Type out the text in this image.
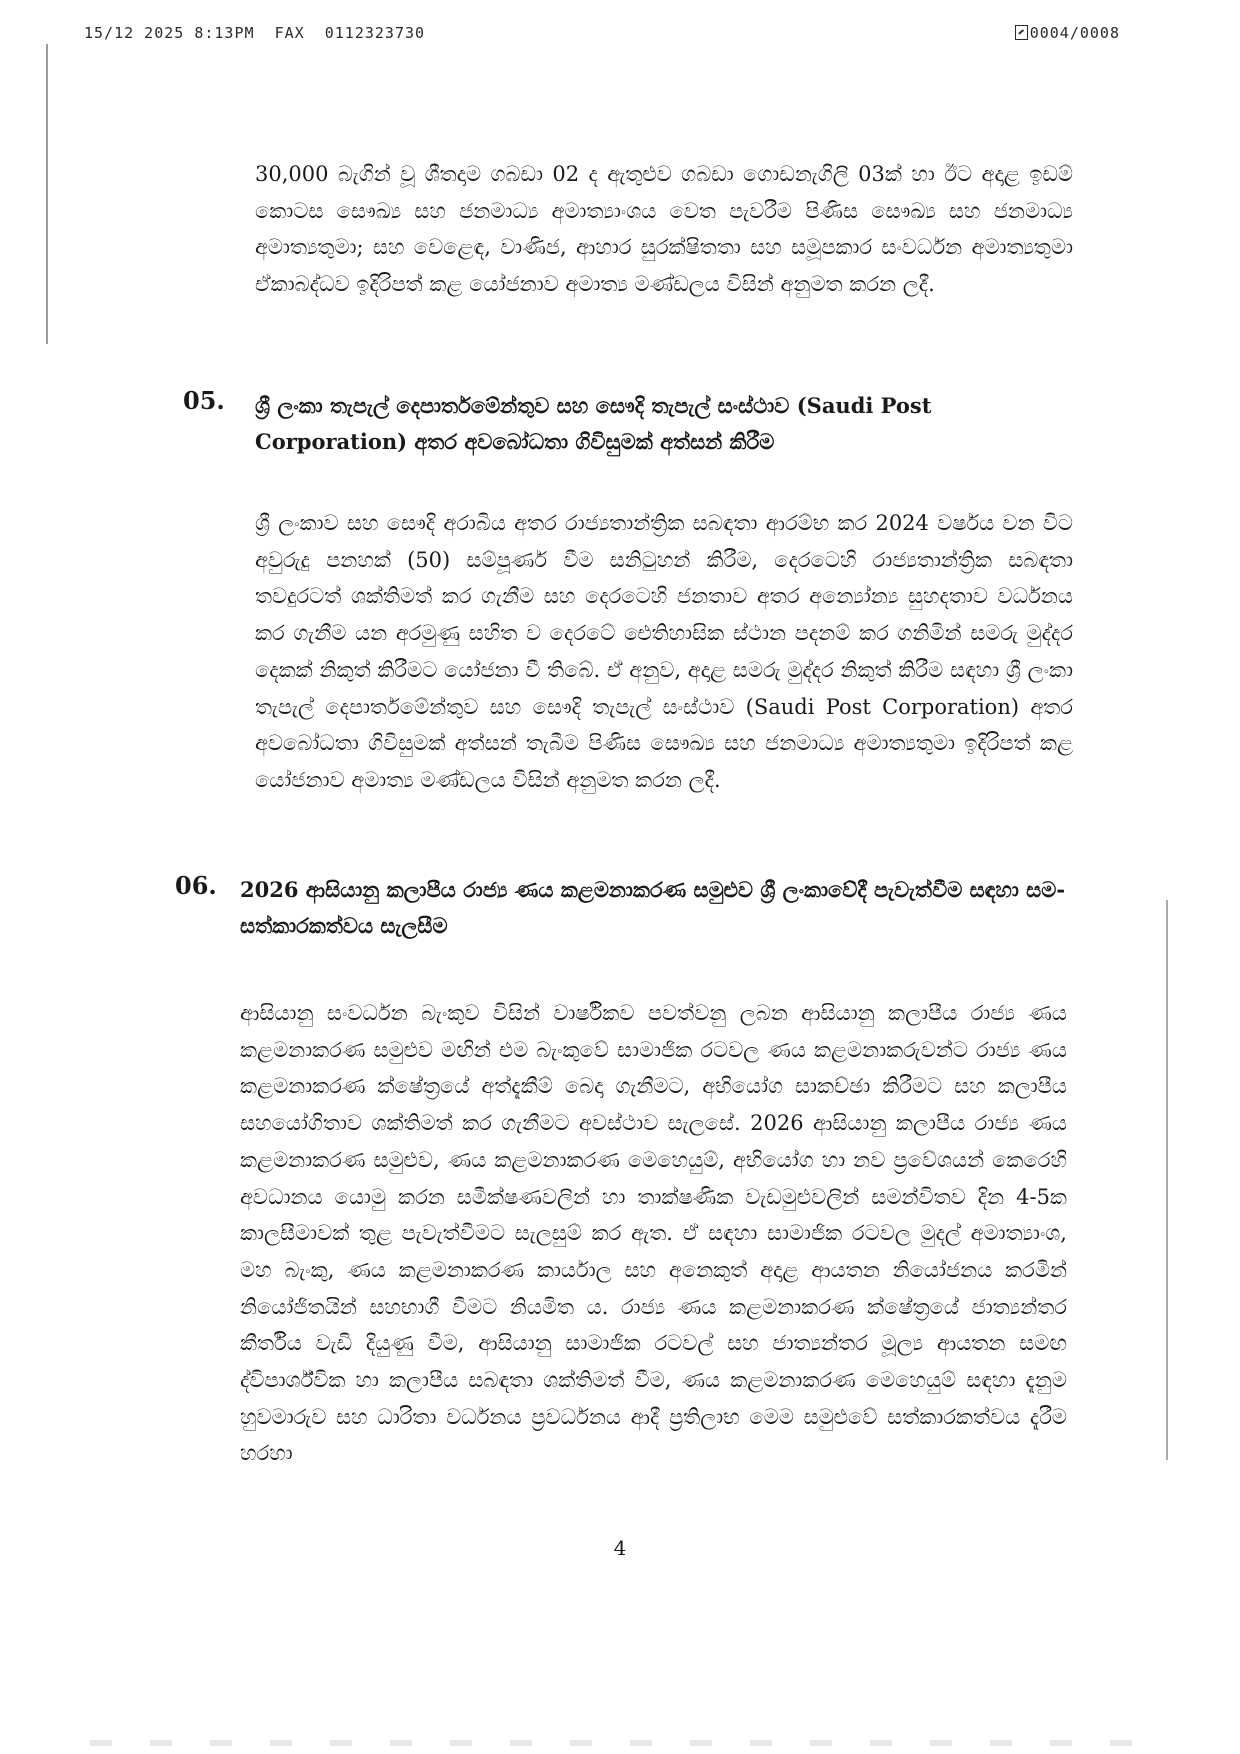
15/12 2025 8:13PM  FAX  0112323730	0004/0008

30,000 බැගින් වූ ශීතදාම ගබඩා 02 ද ඇතුළුව ගබඩා ගොඩනැගිලි 03ක් හා ඊට අදාළ ඉඩම් කොටස සෞඛ්‍ය සහ ජනමාධ්‍ය අමාත්‍යාංශය වෙත පැවරීම පිණිස සෞඛ්‍ය සහ ජනමාධ්‍ය අමාත්‍යතුමා; සහ වෙළෙඳ, වාණිජ, ආහාර සුරක්ෂිතතා සහ සමූපකාර සංවර්ධන අමාත්‍යතුමා ඒකාබද්ධව ඉදිරිපත් කළ යෝජනාව අමාත්‍ය මණ්ඩලය විසින් අනුමත කරන ලදී.

05. ශ්‍රී ලංකා තැපැල් දෙපාර්තමේන්තුව සහ සෞදි තැපැල් සංස්ථාව (Saudi Post Corporation) අතර අවබෝධතා ගිවිසුමක් අත්සන් කිරීම

ශ්‍රී ලංකාව සහ සෞදි අරාබිය අතර රාජ්‍යතාන්ත්‍රික සබඳතා ආරම්භ කර 2024 වර්ෂය වන විට අවුරුදු පනහක් (50) සම්පූර්ණ වීම සනිටුහන් කිරීම, දෙරටෙහි රාජ්‍යතාන්ත්‍රික සබඳතා තවදුරටත් ශක්තිමත් කර ගැනීම සහ දෙරටෙහි ජනතාව අතර අන්‍යෝන්‍ය සුහදතාව වර්ධනය කර ගැනීම යන අරමුණු සහිත ව දෙරටේ ඓතිහාසික ස්ථාන පදනම් කර ගනිමින් සමරු මුද්දර දෙකක් නිකුත් කිරීමට යෝජනා වී තිබේ. ඒ අනුව, අදාළ සමරු මුද්දර නිකුත් කිරීම සඳහා ශ්‍රී ලංකා තැපැල් දෙපාර්තමේන්තුව සහ සෞදි තැපැල් සංස්ථාව (Saudi Post Corporation) අතර අවබෝධතා ගිවිසුමක් අත්සන් තැබීම පිණිස සෞඛ්‍ය සහ ජනමාධ්‍ය අමාත්‍යතුමා ඉදිරිපත් කළ යෝජනාව අමාත්‍ය මණ්ඩලය විසින් අනුමත කරන ලදී.

06. 2026 ආසියානු කලාපීය රාජ්‍ය ණය කළමනාකරණ සමුළුව ශ්‍රී ලංකාවේදී පැවැත්වීම සඳහා සම-සත්කාරකත්වය සැලසීම

ආසියානු සංවර්ධන බැංකුව විසින් වාර්ෂිකව පවත්වනු ලබන ආසියානු කලාපීය රාජ්‍ය ණය කළමනාකරණ සමුළුව මඟින් එම බැංකුවේ සාමාජික රටවල ණය කළමනාකරුවන්ට රාජ්‍ය ණය කළමනාකරණ ක්ෂේත්‍රයේ අත්දැකීම් බෙදා ගැනීමට, අභියෝග සාකච්ඡා කිරීමට සහ කලාපීය සහයෝගිතාව ශක්තිමත් කර ගැනීමට අවස්ථාව සැලසේ. 2026 ආසියානු කලාපීය රාජ්‍ය ණය කළමනාකරණ සමුළුව, ණය කළමනාකරණ මෙහෙයුම්, අභියෝග හා නව ප්‍රවේශයන් කෙරෙහි අවධානය යොමු කරන සමීක්ෂණවලින් හා තාක්ෂණික වැඩමුළුවලින් සමන්විතව දින 4-5ක කාලසීමාවක් තුළ පැවැත්වීමට සැලසුම් කර ඇත. ඒ සඳහා සාමාජික රටවල මුදල් අමාත්‍යාංශ, මහ බැංකු, ණය කළමනාකරණ කාර්යාල සහ අනෙකුත් අදාළ ආයතන නියෝජනය කරමින් නියෝජිතයින් සහභාගී වීමට නියමිත ය. රාජ්‍ය ණය කළමනාකරණ ක්ෂේත්‍රයේ ජාත්‍යන්තර කීර්තිය වැඩි දියුණු වීම, ආසියානු සාමාජික රටවල් සහ ජාත්‍යන්තර මූල්‍ය ආයතන සමඟ ද්විපාර්ශ්වික හා කලාපීය සබඳතා ශක්තිමත් වීම, ණය කළමනාකරණ මෙහෙයුම් සඳහා දැනුම හුවමාරුව සහ ධාරිතා වර්ධනය ප්‍රවර්ධනය ආදී ප්‍රතිලාභ මෙම සමුළුවේ සත්කාරකත්වය දැරීම හරහා

4
